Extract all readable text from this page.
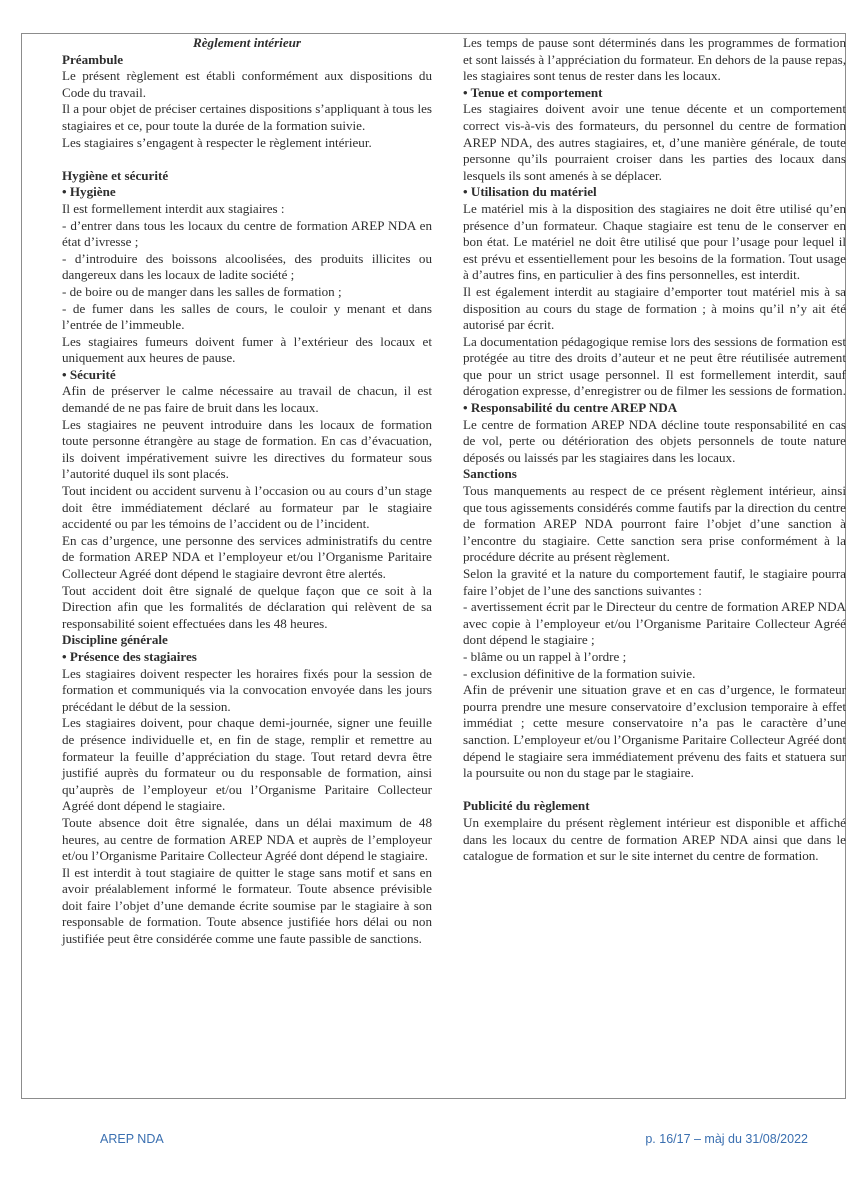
Règlement intérieur

Préambule

Le présent règlement est établi conformément aux dispositions du Code du travail.

Il a pour objet de préciser certaines dispositions s’appliquant à tous les stagiaires et ce, pour toute la durée de la formation suivie.

Les stagiaires s’engagent à respecter le règlement intérieur.

Hygiène et sécurité

• Hygiène

Il est formellement interdit aux stagiaires :

- d’entrer dans tous les locaux du centre de formation AREP NDA en état d’ivresse ;

- d’introduire des boissons alcoolisées, des produits illicites ou dangereux dans les locaux de ladite société ;

- de boire ou de manger dans les salles de formation ;

- de fumer dans les salles de cours, le couloir y menant et dans l’entrée de l’immeuble.

Les stagiaires fumeurs doivent fumer à l’extérieur des locaux et uniquement aux heures de pause.

• Sécurité

Afin de préserver le calme nécessaire au travail de chacun, il est demandé de ne pas faire de bruit dans les locaux.

Les stagiaires ne peuvent introduire dans les locaux de formation toute personne étrangère au stage de formation. En cas d’évacuation, ils doivent impérativement suivre les directives du formateur sous l’autorité duquel ils sont placés.

Tout incident ou accident survenu à l’occasion ou au cours d’un stage doit être immédiatement déclaré au formateur par le stagiaire accidenté ou par les témoins de l’accident ou de l’incident.

En cas d’urgence, une personne des services administratifs du centre de formation AREP NDA et l’employeur et/ou l’Organisme Paritaire Collecteur Agréé dont dépend le stagiaire devront être alertés.

Tout accident doit être signalé de quelque façon que ce soit à la Direction afin que les formalités de déclaration qui relèvent de sa responsabilité soient effectuées dans les 48 heures.

Discipline générale

• Présence des stagiaires

Les stagiaires doivent respecter les horaires fixés pour la session de formation et communiqués via la convocation envoyée dans les jours précédant le début de la session.

Les stagiaires doivent, pour chaque demi-journée, signer une feuille de présence individuelle et, en fin de stage, remplir et remettre au formateur la feuille d’appréciation du stage. Tout retard devra être justifié auprès du formateur ou du responsable de formation, ainsi qu’auprès de l’employeur et/ou l’Organisme Paritaire Collecteur Agréé dont dépend le stagiaire.

Toute absence doit être signalée, dans un délai maximum de 48 heures, au centre de formation AREP NDA et auprès de l’employeur et/ou l’Organisme Paritaire Collecteur Agréé dont dépend le stagiaire.

Il est interdit à tout stagiaire de quitter le stage sans motif et sans en avoir préalablement informé le formateur. Toute absence prévisible doit faire l’objet d’une demande écrite soumise par le stagiaire à son responsable de formation. Toute absence justifiée hors délai ou non justifiée peut être considérée comme une faute passible de sanctions.

Les temps de pause sont déterminés dans les programmes de formation et sont laissés à l’appréciation du formateur. En dehors de la pause repas, les stagiaires sont tenus de rester dans les locaux.

• Tenue et comportement

Les stagiaires doivent avoir une tenue décente et un comportement correct vis-à-vis des formateurs, du personnel du centre de formation AREP NDA, des autres stagiaires, et, d’une manière générale, de toute personne qu’ils pourraient croiser dans les parties des locaux dans lesquels ils sont amenés à se déplacer.

• Utilisation du matériel

Le matériel mis à la disposition des stagiaires ne doit être utilisé qu’en présence d’un formateur. Chaque stagiaire est tenu de le conserver en bon état. Le matériel ne doit être utilisé que pour l’usage pour lequel il est prévu et essentiellement pour les besoins de la formation. Tout usage à d’autres fins, en particulier à des fins personnelles, est interdit.

Il est également interdit au stagiaire d’emporter tout matériel mis à sa disposition au cours du stage de formation ; à moins qu’il n’y ait été autorisé par écrit.

La documentation pédagogique remise lors des sessions de formation est protégée au titre des droits d’auteur et ne peut être réutilisée autrement que pour un strict usage personnel. Il est formellement interdit, sauf dérogation expresse, d’enregistrer ou de filmer les sessions de formation.

• Responsabilité du centre AREP NDA

Le centre de formation AREP NDA décline toute responsabilité en cas de vol, perte ou détérioration des objets personnels de toute nature déposés ou laissés par les stagiaires dans les locaux.

Sanctions

Tous manquements au respect de ce présent règlement intérieur, ainsi que tous agissements considérés comme fautifs par la direction du centre de formation AREP NDA pourront faire l’objet d’une sanction à l’encontre du stagiaire. Cette sanction sera prise conformément à la procédure décrite au présent règlement.

Selon la gravité et la nature du comportement fautif, le stagiaire pourra faire l’objet de l’une des sanctions suivantes :

- avertissement écrit par le Directeur du centre de formation AREP NDA avec copie à l’employeur et/ou l’Organisme Paritaire Collecteur Agréé dont dépend le stagiaire ;

- blâme ou un rappel à l’ordre ;

- exclusion définitive de la formation suivie.

Afin de prévenir une situation grave et en cas d’urgence, le formateur pourra prendre une mesure conservatoire d’exclusion temporaire à effet immédiat ; cette mesure conservatoire n’a pas le caractère d’une sanction. L’employeur et/ou l’Organisme Paritaire Collecteur Agréé dont dépend le stagiaire sera immédiatement prévenu des faits et statuera sur la poursuite ou non du stage par le stagiaire.

Publicité du règlement

Un exemplaire du présent règlement intérieur est disponible et affiché dans les locaux du centre de formation AREP NDA ainsi que dans le catalogue de formation et sur le site internet du centre de formation.

AREP NDA	p. 16/17 – màj du 31/08/2022
